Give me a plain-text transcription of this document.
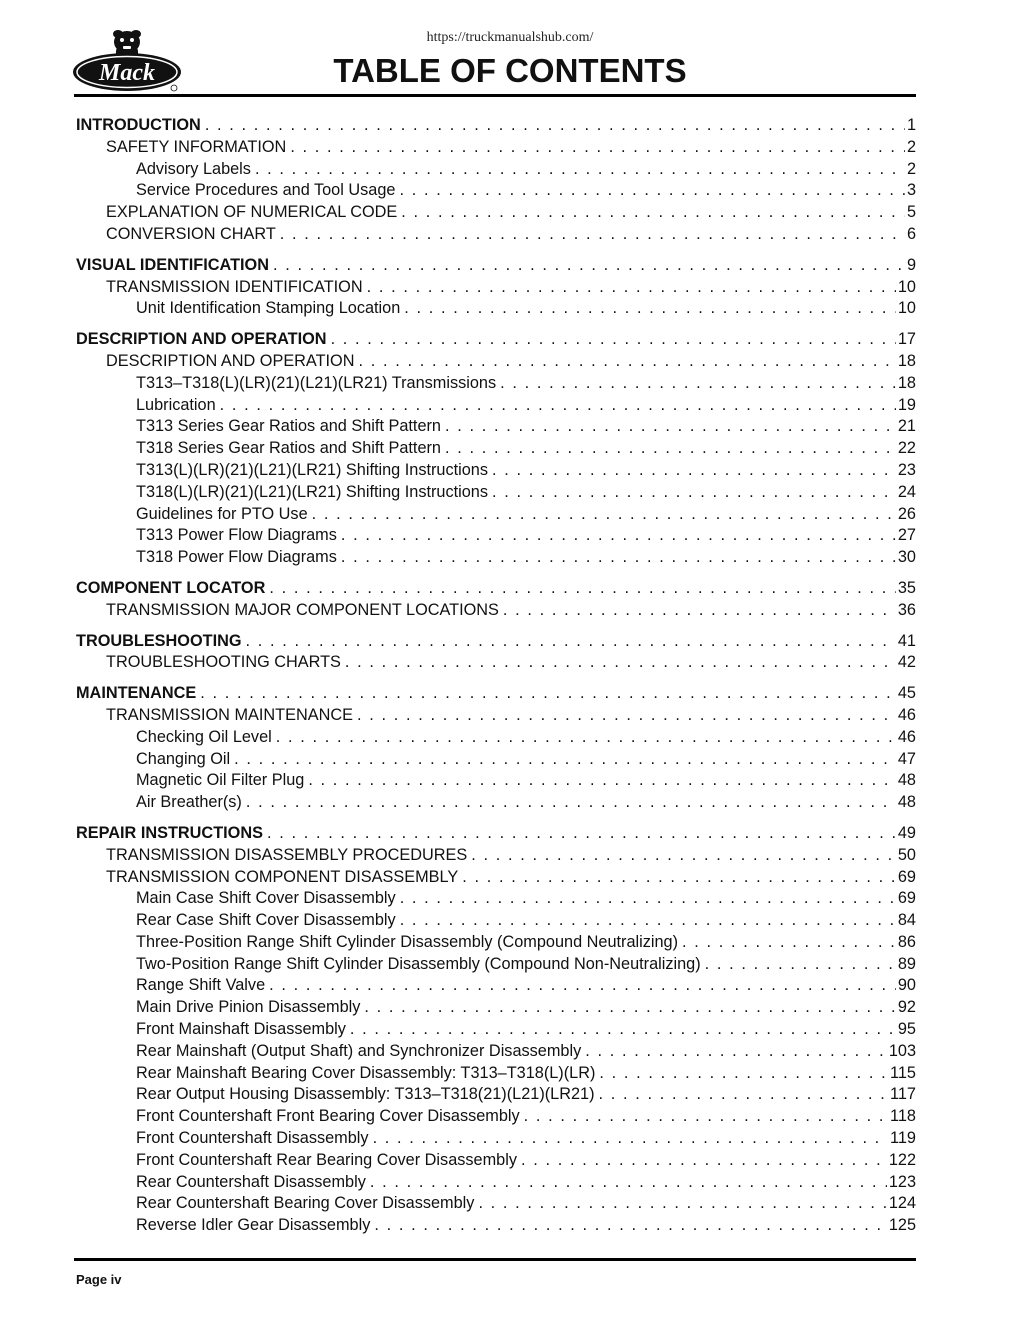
https://truckmanualshub.com/
Mack	TABLE OF CONTENTS
INTRODUCTION . . .	1
SAFETY INFORMATION . . .	2
Advisory Labels . . .	2
Service Procedures and Tool Usage . . .	3
EXPLANATION OF NUMERICAL CODE . . .	5
CONVERSION CHART . . .	6
VISUAL IDENTIFICATION . . .	9
TRANSMISSION IDENTIFICATION . . .	10
Unit Identification Stamping Location . . .	10
DESCRIPTION AND OPERATION . . .	17
DESCRIPTION AND OPERATION . . .	18
T313–T318(L)(LR)(21)(L21)(LR21) Transmissions . . .	18
Lubrication . . .	19
T313 Series Gear Ratios and Shift Pattern . . .	21
T318 Series Gear Ratios and Shift Pattern . . .	22
T313(L)(LR)(21)(L21)(LR21) Shifting Instructions . . .	23
T318(L)(LR)(21)(L21)(LR21) Shifting Instructions . . .	24
Guidelines for PTO Use . . .	26
T313 Power Flow Diagrams . . .	27
T318 Power Flow Diagrams . . .	30
COMPONENT LOCATOR . . .	35
TRANSMISSION MAJOR COMPONENT LOCATIONS . . .	36
TROUBLESHOOTING . . .	41
TROUBLESHOOTING CHARTS . . .	42
MAINTENANCE . . .	45
TRANSMISSION MAINTENANCE . . .	46
Checking Oil Level . . .	46
Changing Oil . . .	47
Magnetic Oil Filter Plug . . .	48
Air Breather(s) . . .	48
REPAIR INSTRUCTIONS . . .	49
TRANSMISSION DISASSEMBLY PROCEDURES . . .	50
TRANSMISSION COMPONENT DISASSEMBLY . . .	69
Main Case Shift Cover Disassembly . . .	69
Rear Case Shift Cover Disassembly . . .	84
Three-Position Range Shift Cylinder Disassembly (Compound Neutralizing) . . .	86
Two-Position Range Shift Cylinder Disassembly (Compound Non-Neutralizing) . . .	89
Range Shift Valve . . .	90
Main Drive Pinion Disassembly . . .	92
Front Mainshaft Disassembly . . .	95
Rear Mainshaft (Output Shaft) and Synchronizer Disassembly . . .	103
Rear Mainshaft Bearing Cover Disassembly: T313–T318(L)(LR) . . .	115
Rear Output Housing Disassembly: T313–T318(21)(L21)(LR21) . . .	117
Front Countershaft Front Bearing Cover Disassembly . . .	118
Front Countershaft Disassembly . . .	119
Front Countershaft Rear Bearing Cover Disassembly . . .	122
Rear Countershaft Disassembly . . .	123
Rear Countershaft Bearing Cover Disassembly . . .	124
Reverse Idler Gear Disassembly . . .	125
Page iv
